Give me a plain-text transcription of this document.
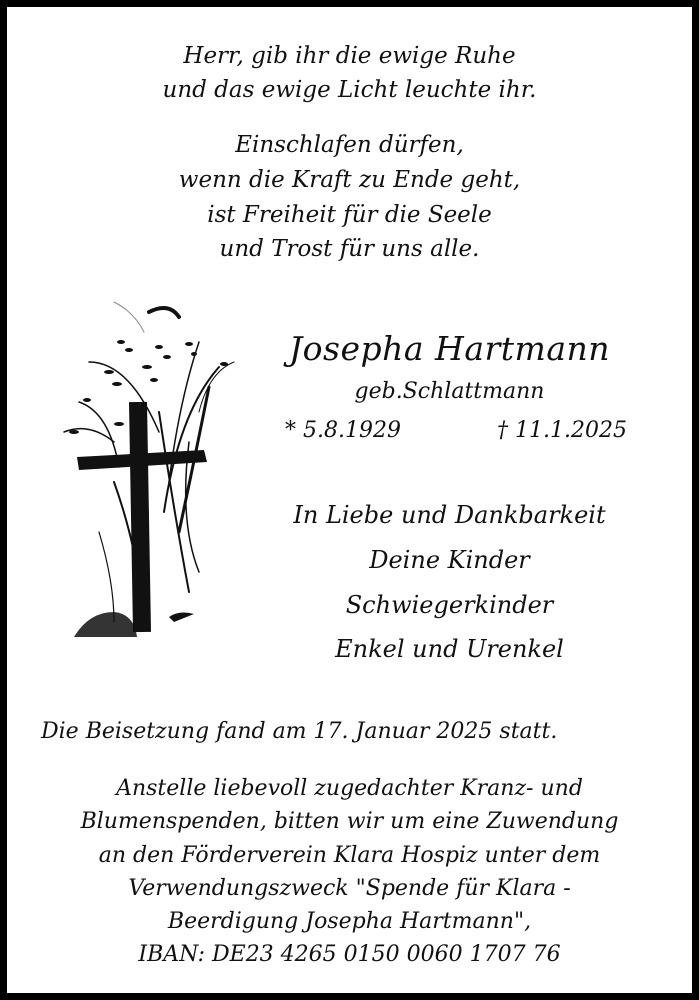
Herr, gib ihr die ewige Ruhe
und das ewige Licht leuchte ihr.
Einschlafen dürfen,
wenn die Kraft zu Ende geht,
ist Freiheit für die Seele
und Trost für uns alle.
Josepha Hartmann
geb.Schlattmann
* 5.8.1929	† 11.1.2025
In Liebe und Dankbarkeit
Deine Kinder
Schwiegerkinder
Enkel und Urenkel
Die Beisetzung fand am 17. Januar 2025 statt.
Anstelle liebevoll zugedachter Kranz- und
Blumenspenden, bitten wir um eine Zuwendung
an den Förderverein Klara Hospiz unter dem
Verwendungszweck "Spende für Klara -
Beerdigung Josepha Hartmann",
IBAN: DE23 4265 0150 0060 1707 76
